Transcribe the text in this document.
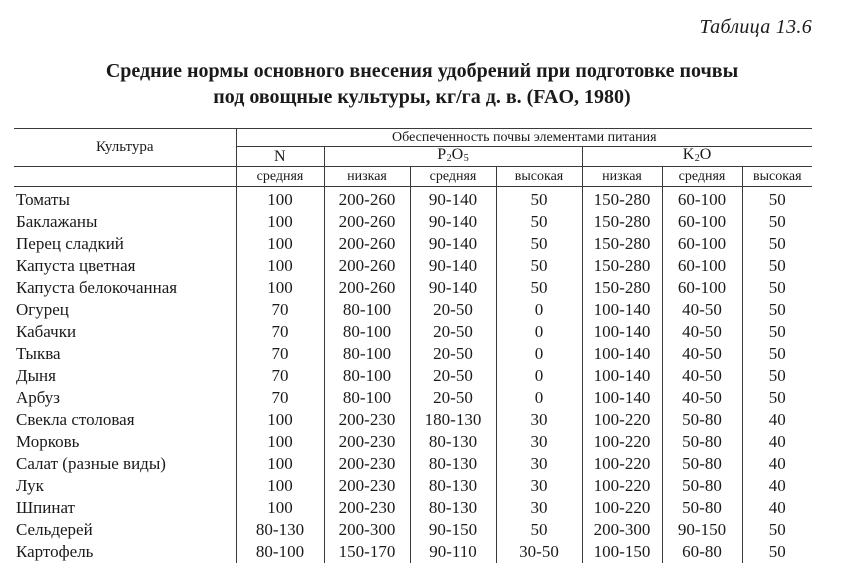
Таблица 13.6
Средние нормы основного внесения удобрений при подготовке почвы
под овощные культуры, кг/га д. в. (FAO, 1980)
Культура	Обеспеченность почвы элементами питания						
	N	$P_2O_5$			$K_2O$		
	средняя	низкая	средняя	высокая	низкая	средняя	высокая
Томаты	100	200-260	90-140	50	150-280	60-100	50
Баклажаны	100	200-260	90-140	50	150-280	60-100	50
Перец сладкий	100	200-260	90-140	50	150-280	60-100	50
Капуста цветная	100	200-260	90-140	50	150-280	60-100	50
Капуста белокочанная	100	200-260	90-140	50	150-280	60-100	50
Огурец	70	80-100	20-50	0	100-140	40-50	50
Кабачки	70	80-100	20-50	0	100-140	40-50	50
Тыква	70	80-100	20-50	0	100-140	40-50	50
Дыня	70	80-100	20-50	0	100-140	40-50	50
Арбуз	70	80-100	20-50	0	100-140	40-50	50
Свекла столовая	100	200-230	180-130	30	100-220	50-80	40
Морковь	100	200-230	80-130	30	100-220	50-80	40
Салат (разные виды)	100	200-230	80-130	30	100-220	50-80	40
Лук	100	200-230	80-130	30	100-220	50-80	40
Шпинат	100	200-230	80-130	30	100-220	50-80	40
Сельдерей	80-130	200-300	90-150	50	200-300	90-150	50
Картофель	80-100	150-170	90-110	30-50	100-150	60-80	50
